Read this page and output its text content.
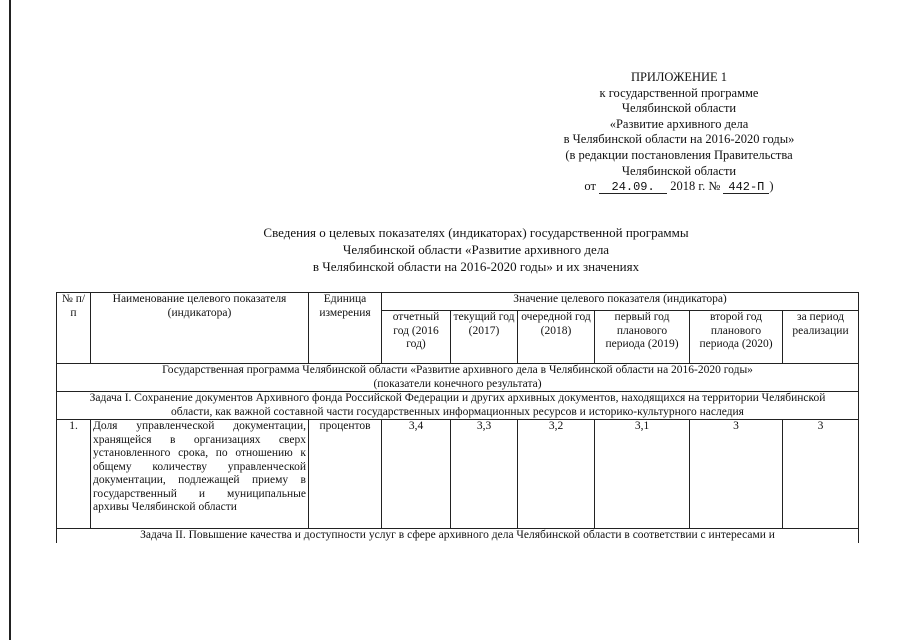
ПРИЛОЖЕНИЕ 1
к государственной программе
Челябинской области
«Развитие архивного дела
в Челябинской области на 2016-2020 годы»
(в редакции постановления Правительства
Челябинской области
от 24.09. 2018 г. № 442-П )
Сведения о целевых показателях (индикаторах) государственной программы
Челябинской области «Развитие архивного дела
в Челябинской области на 2016-2020 годы» и их значениях
№ п/п	Наименование целевого показателя (индикатора)	Единица измерения	Значение целевого показателя (индикатора)					
			отчетный год (2016 год)	текущий год (2017)	очередной год (2018)	первый год планового периода (2019)	второй год планового периода (2020)	за период реализации
Государственная программа Челябинской области «Развитие архивного дела в Челябинской области на 2016-2020 годы» (показатели конечного результата)								
Задача I. Сохранение документов Архивного фонда Российской Федерации и других архивных документов, находящихся на территории Челябинской области, как важной составной части государственных информационных ресурсов и историко-культурного наследия								
1.	Доля управленческой документации, хранящейся в организациях сверх установленного срока, по отношению к общему количеству управленческой документации, подлежащей приему в государственный и муниципальные архивы Челябинской области	процентов	3,4	3,3	3,2	3,1	3	3
Задача II. Повышение качества и доступности услуг в сфере архивного дела Челябинской области в соответствии с интересами и								
